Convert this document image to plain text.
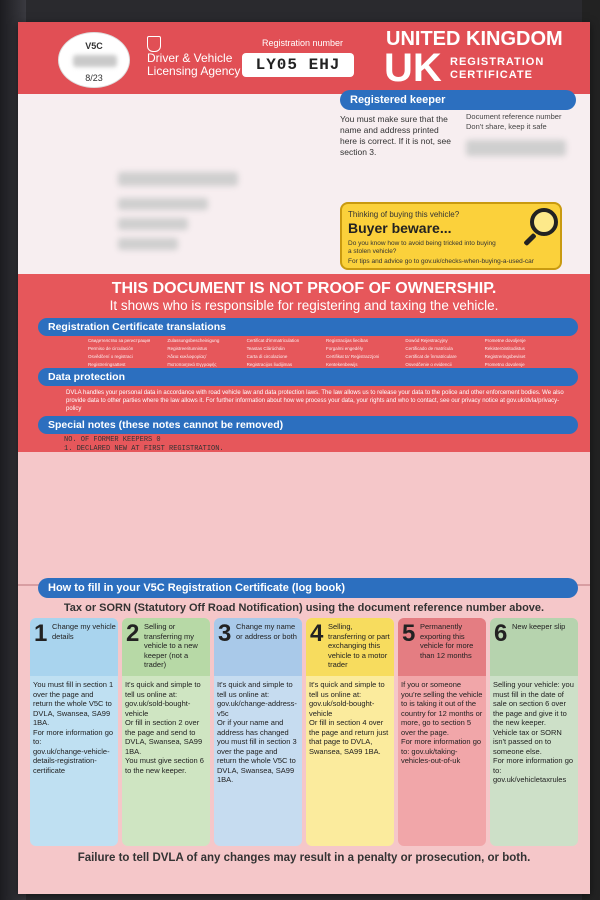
V5C
8/23
Driver & Vehicle Licensing Agency
Registration number
LY05 EHJ
UNITED KINGDOM
UK REGISTRATION CERTIFICATE
Registered keeper
You must make sure that the name and address printed here is correct. If it is not, see section 3.
Document reference number Don't share, keep it safe
Thinking of buying this vehicle?
Buyer beware...
Do you know how to avoid being tricked into buying a stolen vehicle?
For tips and advice go to gov.uk/checks-when-buying-a-used-car
THIS DOCUMENT IS NOT PROOF OF OWNERSHIP.
It shows who is responsible for registering and taxing the vehicle.
Registration Certificate translations
Свидетелство за регистрация	Zulassungsbescheinigung	Certificat d'immatriculation	Registracijas liecibas	Dowód Rejestracyjny	Prometne dovoljenje
Permiso de circulación	Registreeritunnistus	Teastas Clárúcháin	Forgalmi engedély	Certificado de matrícula	Rekisteröintitodistus
Osvědčení o registraci	Άδεια κυκλοφορίας/	Carta di circolazione	Certifikat ta' Reġistrazzjoni	Certificat de înmatriculare	Registreringsbeviset
Registreringsattest	Πιστοποιητικό Εγγραφής	Registracijos liudijimas	Kentekenbewijs	Osvedčenie o evidencii	Prometno dovolenje
Data protection
DVLA handles your personal data in accordance with road vehicle law and data protection laws. The law allows us to release your data to the police and other enforcement bodies. We also provide data to other parties where the law allows it. For further information about how we process your data, your rights and who to contact, see our privacy notice at gov.uk/dvla/privacy-policy
Special notes (these notes cannot be removed)
NO. OF FORMER KEEPERS 0
1. DECLARED NEW AT FIRST REGISTRATION.
How to fill in your V5C Registration Certificate (log book)
Tax or SORN (Statutory Off Road Notification) using the document reference number above.
1 Change my vehicle details
You must fill in section 1 over the page and return the whole V5C to DVLA, Swansea, SA99 1BA.
For more information go to:
gov.uk/change-vehicle-details-registration-certificate
2 Selling or transferring my vehicle to a new keeper (not a trader)
It's quick and simple to tell us online at:
gov.uk/sold-bought-vehicle
Or fill in section 2 over the page and send to DVLA, Swansea, SA99 1BA.
You must give section 6 to the new keeper.
3 Change my name or address or both
It's quick and simple to tell us online at:
gov.uk/change-address-v5c
Or if your name and address has changed you must fill in section 3 over the page and return the whole V5C to DVLA, Swansea, SA99 1BA.
4 Selling, transferring or part exchanging this vehicle to a motor trader
It's quick and simple to tell us online at:
gov.uk/sold-bought-vehicle
Or fill in section 4 over the page and return just that page to DVLA, Swansea, SA99 1BA.
5 Permanently exporting this vehicle for more than 12 months
If you or someone you're selling the vehicle to is taking it out of the country for 12 months or more, go to section 5 over the page.
For more information go to: gov.uk/taking-vehicles-out-of-uk
6 New keeper slip
Selling your vehicle: you must fill in the date of sale on section 6 over the page and give it to the new keeper.
Vehicle tax or SORN isn't passed on to someone else.
For more information go to: gov.uk/vehicletaxrules
Failure to tell DVLA of any changes may result in a penalty or prosecution, or both.
